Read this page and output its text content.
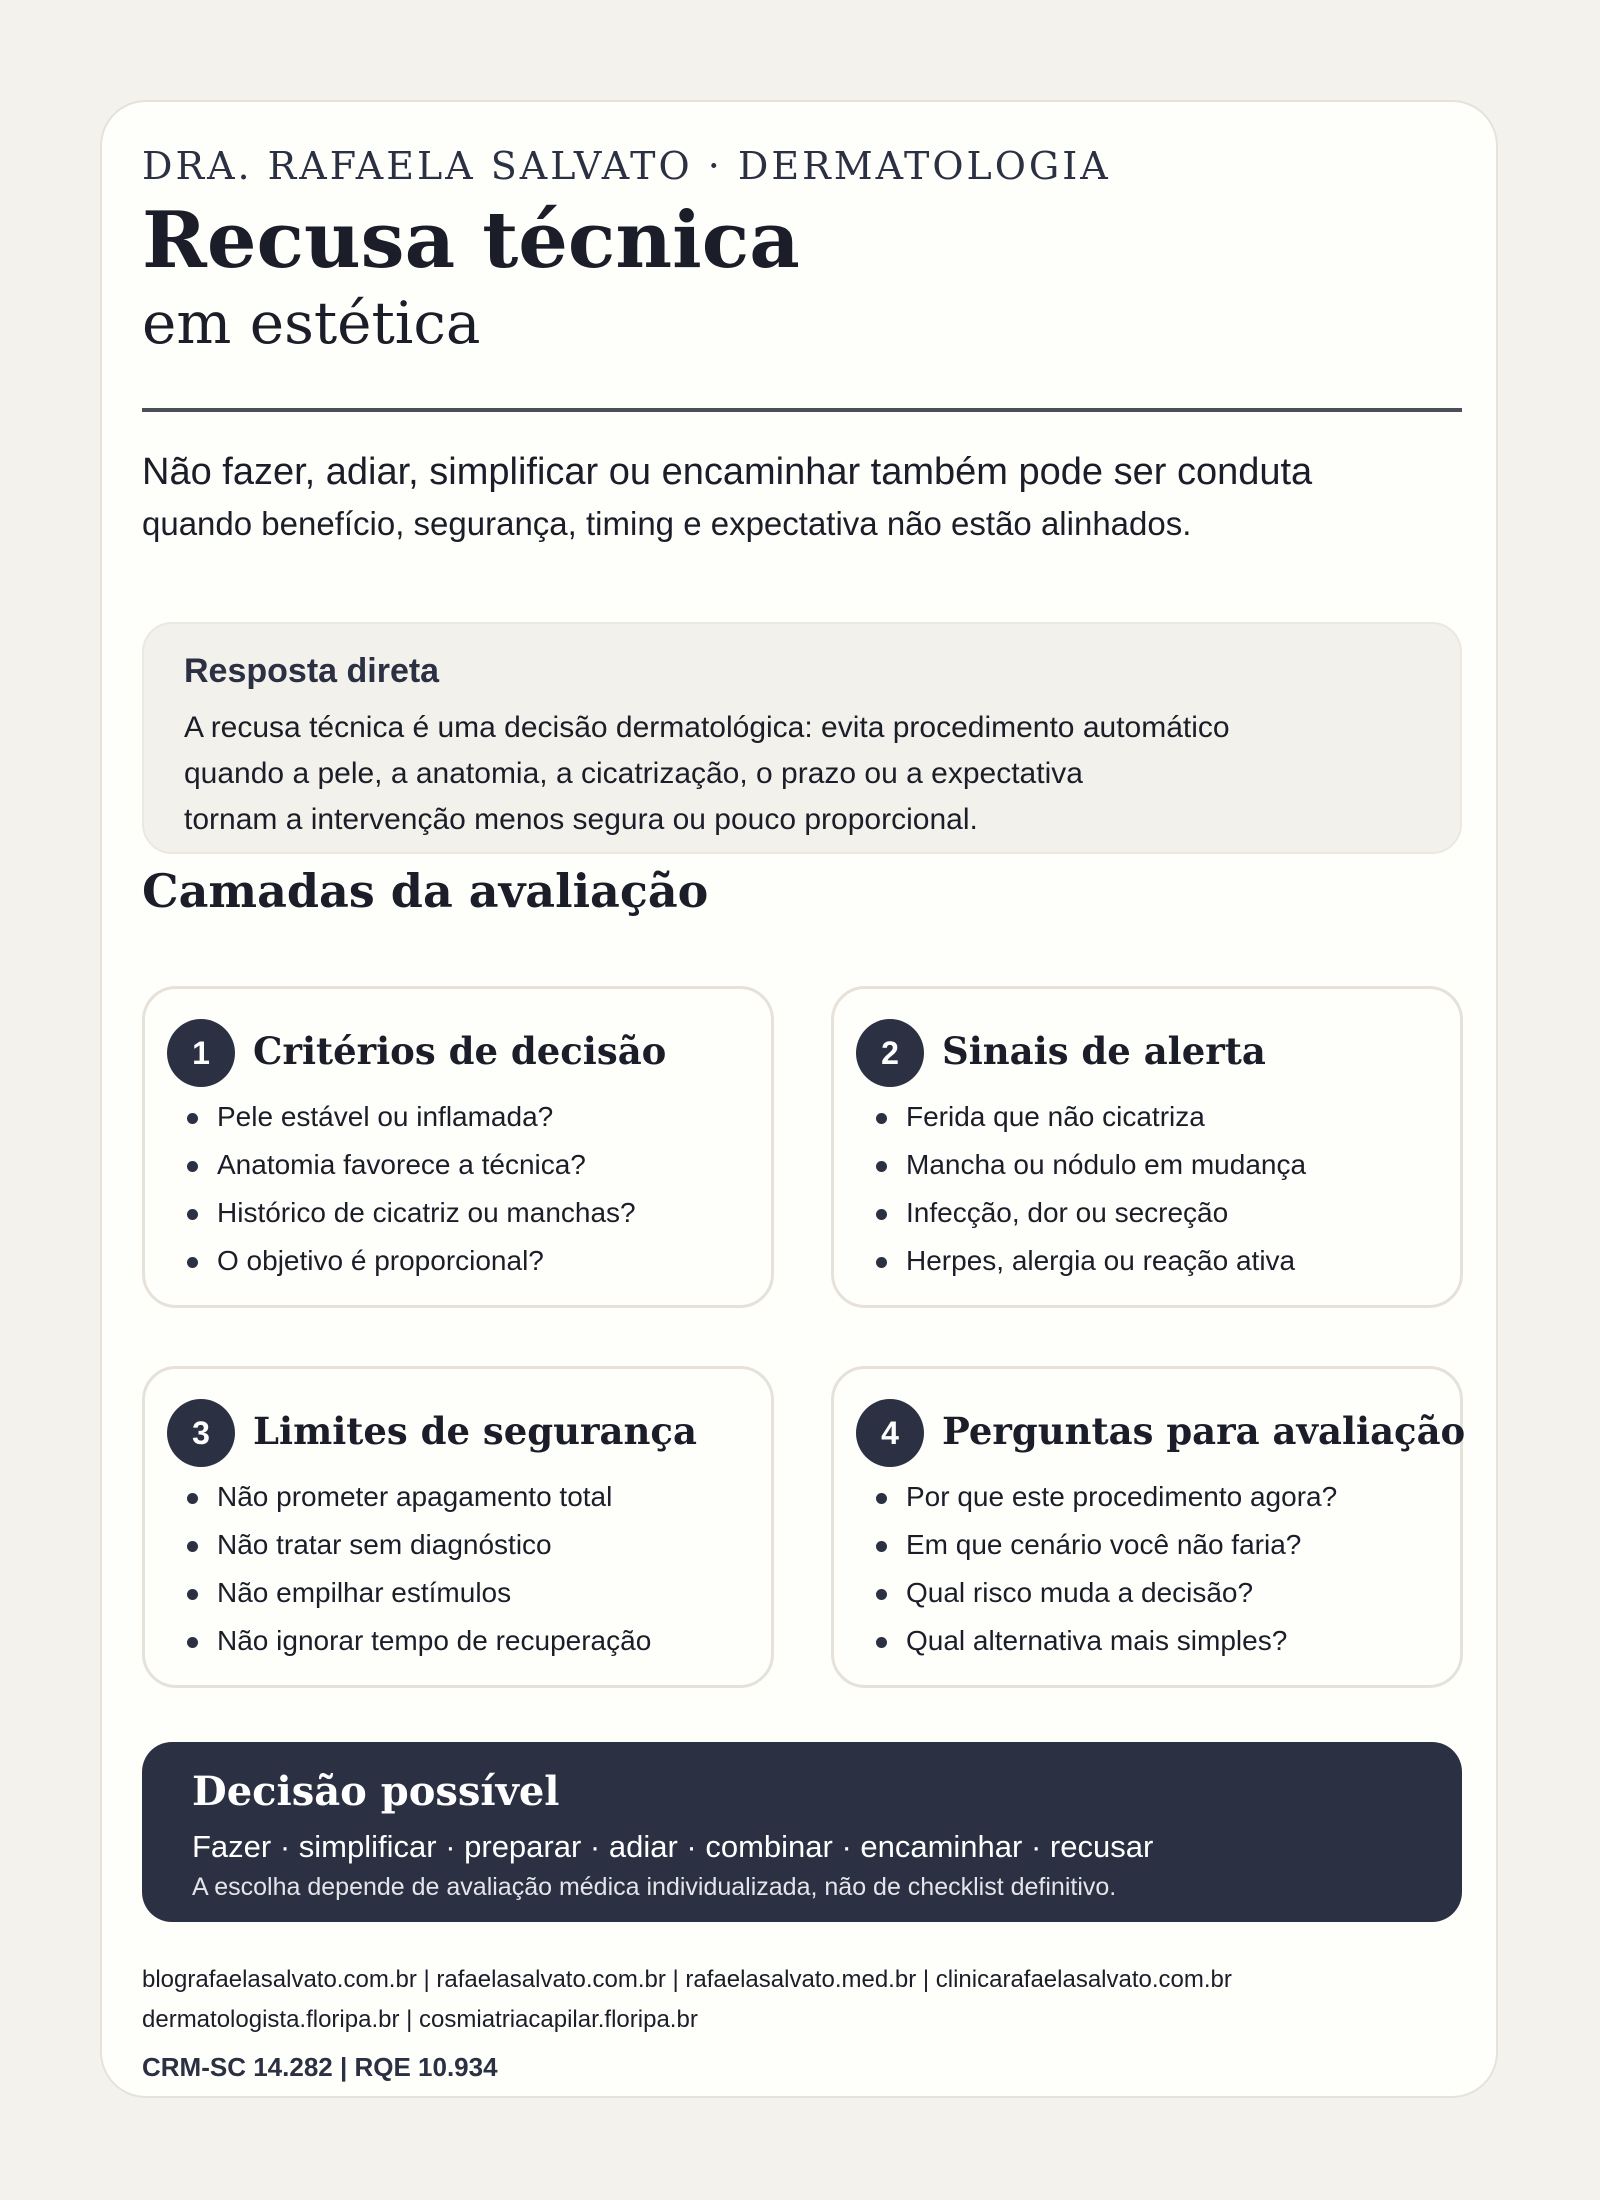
DRA. RAFAELA SALVATO · DERMATOLOGIA
Recusa técnica
em estética
Não fazer, adiar, simplificar ou encaminhar também pode ser conduta
quando benefício, segurança, timing e expectativa não estão alinhados.
Resposta direta

A recusa técnica é uma decisão dermatológica: evita procedimento automático
quando a pele, a anatomia, a cicatrização, o prazo ou a expectativa
tornam a intervenção menos segura ou pouco proporcional.

Camadas da avaliação
1	Critérios de decisão
Pele estável ou inflamada?
Anatomia favorece a técnica?
Histórico de cicatriz ou manchas?
O objetivo é proporcional?
2	Sinais de alerta
Ferida que não cicatriza
Mancha ou nódulo em mudança
Infecção, dor ou secreção
Herpes, alergia ou reação ativa
3	Limites de segurança
Não prometer apagamento total
Não tratar sem diagnóstico
Não empilhar estímulos
Não ignorar tempo de recuperação
4	Perguntas para avaliação
Por que este procedimento agora?
Em que cenário você não faria?
Qual risco muda a decisão?
Qual alternativa mais simples?
Decisão possível
Fazer · simplificar · preparar · adiar · combinar · encaminhar · recusar
A escolha depende de avaliação médica individualizada, não de checklist definitivo.
blografaelasalvato.com.br | rafaelasalvato.com.br | rafaelasalvato.med.br | clinicarafaelasalvato.com.br
dermatologista.floripa.br | cosmiatriacapilar.floripa.br
CRM-SC 14.282 | RQE 10.934
